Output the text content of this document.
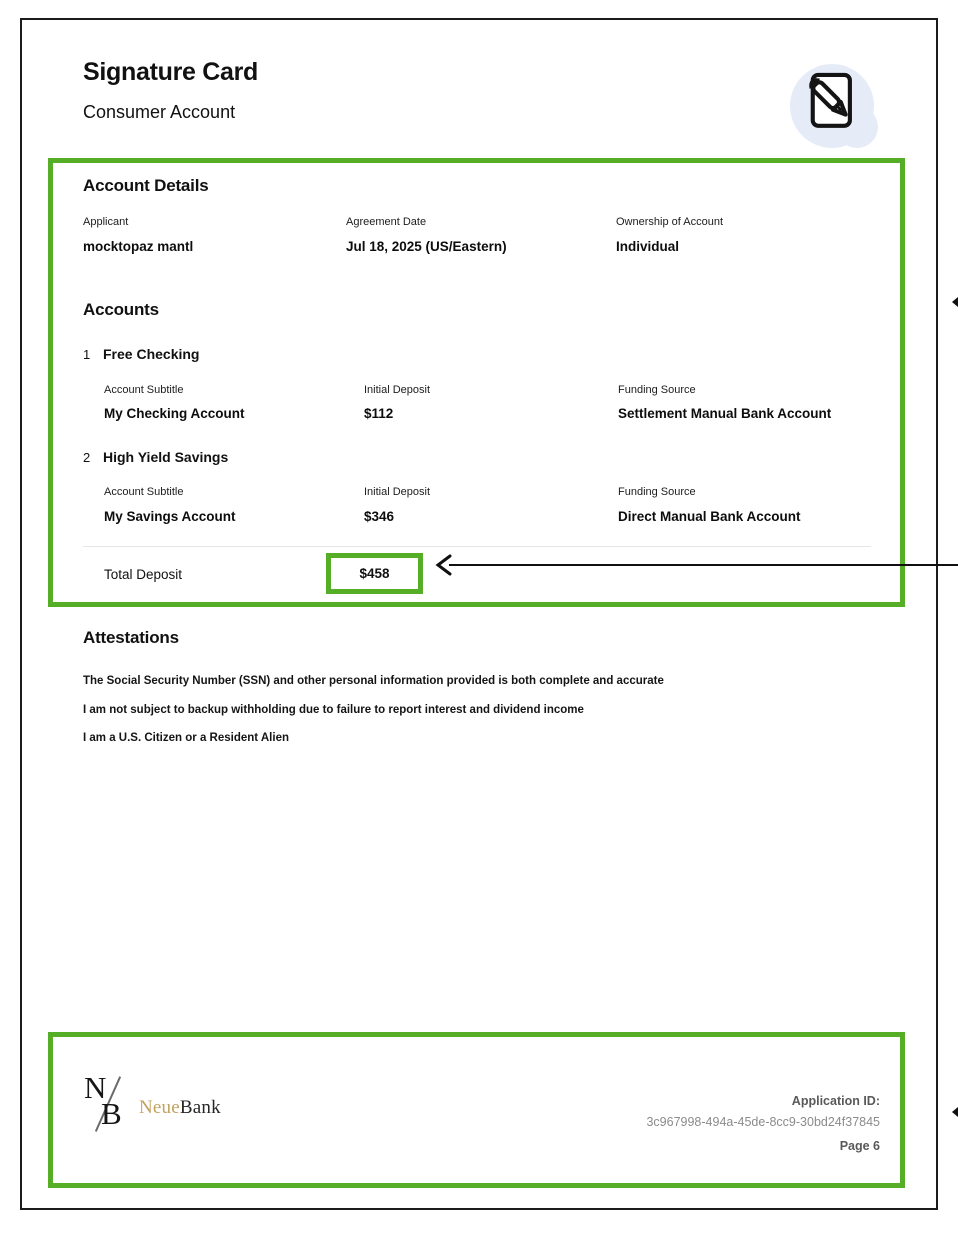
Signature Card
Consumer Account
Account Details
Applicant	Agreement Date	Ownership of Account
mocktopaz mantl	Jul 18, 2025 (US/Eastern)	Individual
Accounts
1 Free Checking
Account Subtitle	Initial Deposit	Funding Source
My Checking Account	$112	Settlement Manual Bank Account
2 High Yield Savings
Account Subtitle	Initial Deposit	Funding Source
My Savings Account	$346	Direct Manual Bank Account
Total Deposit	$458
Attestations
The Social Security Number (SSN) and other personal information provided is both complete and accurate
I am not subject to backup withholding due to failure to report interest and dividend income
I am a U.S. Citizen or a Resident Alien
N
B NeueBank	Application ID:
3c967998-494a-45de-8cc9-30bd24f37845
Page 6
